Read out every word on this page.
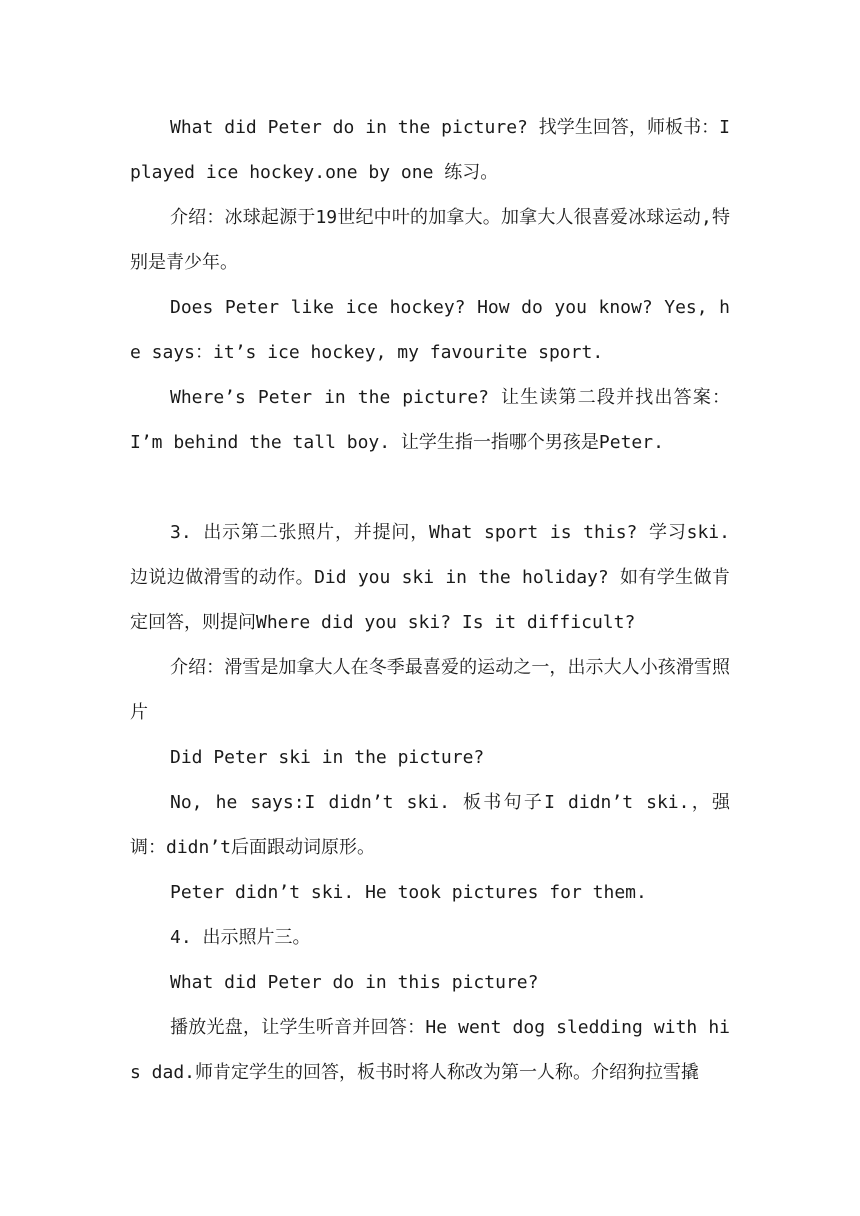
What did Peter do in the picture? 找学生回答，师板书：I played ice hockey.one by one 练习。

介绍：冰球起源于19世纪中叶的加拿大。加拿大人很喜爱冰球运动,特别是青少年。

Does Peter like ice hockey? How do you know? Yes, he says：it’s ice hockey, my favourite sport.

Where’s Peter in the picture? 让生读第二段并找出答案：I’m behind the tall boy. 让学生指一指哪个男孩是Peter.

3. 出示第二张照片，并提问，What sport is this? 学习ski.边说边做滑雪的动作。Did you ski in the holiday? 如有学生做肯定回答，则提问Where did you ski? Is it difficult?

介绍：滑雪是加拿大人在冬季最喜爱的运动之一，出示大人小孩滑雪照片

Did Peter ski in the picture?

No, he says:I didn’t ski. 板书句子I didn’t ski.，强调：didn’t后面跟动词原形。

Peter didn’t ski. He took pictures for them.

4. 出示照片三。

What did Peter do in this picture?

播放光盘，让学生听音并回答：He went dog sledding with his dad.师肯定学生的回答，板书时将人称改为第一人称。介绍狗拉雪撬
